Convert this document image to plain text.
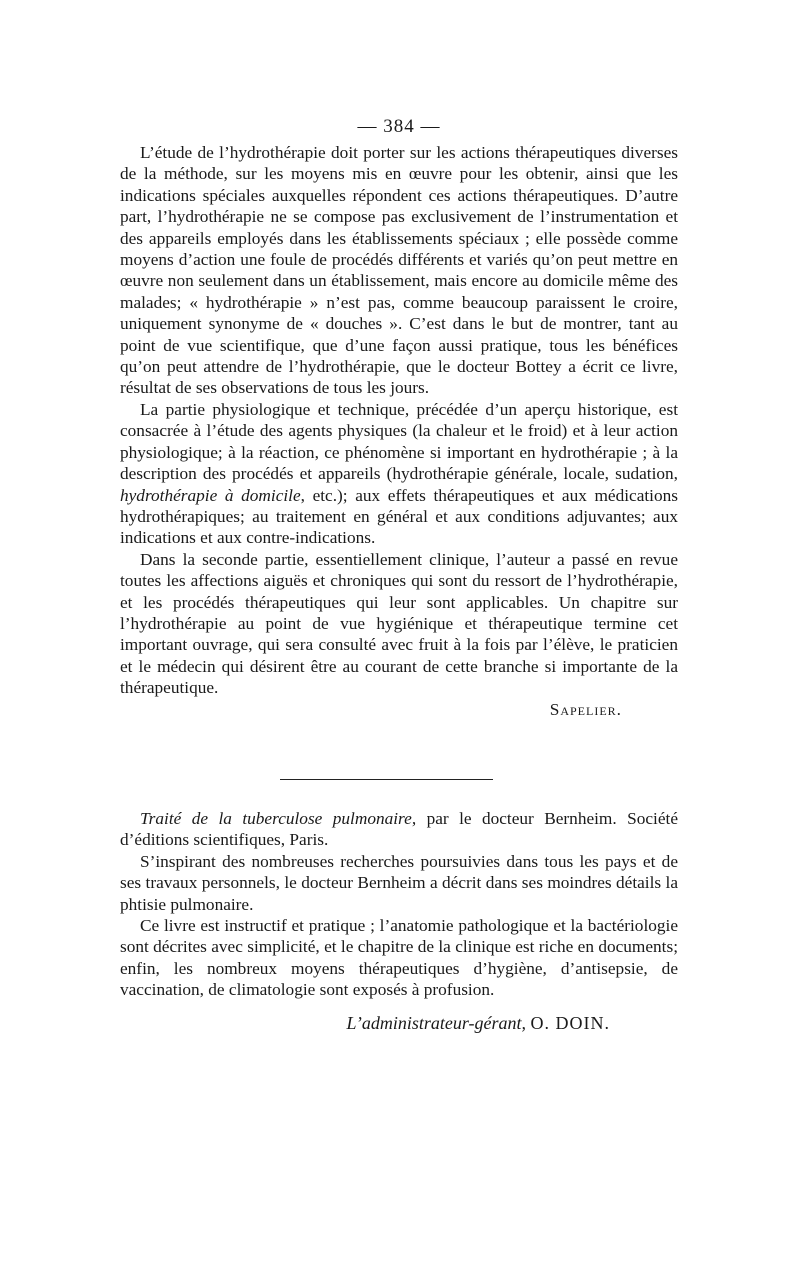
— 384 —

L’étude de l’hydrothérapie doit porter sur les actions thérapeutiques diverses de la méthode, sur les moyens mis en œuvre pour les obtenir, ainsi que les indications spéciales auxquelles répondent ces actions thérapeutiques. D’autre part, l’hydrothérapie ne se compose pas exclusivement de l’instrumentation et des appareils employés dans les établissements spéciaux ; elle possède comme moyens d’action une foule de procédés différents et variés qu’on peut mettre en œuvre non seulement dans un établissement, mais encore au domicile même des malades; « hydrothérapie » n’est pas, comme beaucoup paraissent le croire, uniquement synonyme de « douches ». C’est dans le but de montrer, tant au point de vue scientifique, que d’une façon aussi pratique, tous les bénéfices qu’on peut attendre de l’hydrothérapie, que le docteur Bottey a écrit ce livre, résultat de ses observations de tous les jours.

La partie physiologique et technique, précédée d’un aperçu historique, est consacrée à l’étude des agents physiques (la chaleur et le froid) et à leur action physiologique; à la réaction, ce phénomène si important en hydrothérapie ; à la description des procédés et appareils (hydrothérapie générale, locale, sudation, hydrothérapie à domicile, etc.); aux effets thérapeutiques et aux médications hydrothérapiques; au traitement en général et aux conditions adjuvantes; aux indications et aux contre-indications.

Dans la seconde partie, essentiellement clinique, l’auteur a passé en revue toutes les affections aiguës et chroniques qui sont du ressort de l’hydrothérapie, et les procédés thérapeutiques qui leur sont applicables. Un chapitre sur l’hydrothérapie au point de vue hygiénique et thérapeutique termine cet important ouvrage, qui sera consulté avec fruit à la fois par l’élève, le praticien et le médecin qui désirent être au courant de cette branche si importante de la thérapeutique.

Sapelier.

Traité de la tuberculose pulmonaire, par le docteur Bernheim. Société d’éditions scientifiques, Paris.

S’inspirant des nombreuses recherches poursuivies dans tous les pays et de ses travaux personnels, le docteur Bernheim a décrit dans ses moindres détails la phtisie pulmonaire.

Ce livre est instructif et pratique ; l’anatomie pathologique et la bactériologie sont décrites avec simplicité, et le chapitre de la clinique est riche en documents; enfin, les nombreux moyens thérapeutiques d’hygiène, d’antisepsie, de vaccination, de climatologie sont exposés à profusion.

L’administrateur-gérant, O. DOIN.
